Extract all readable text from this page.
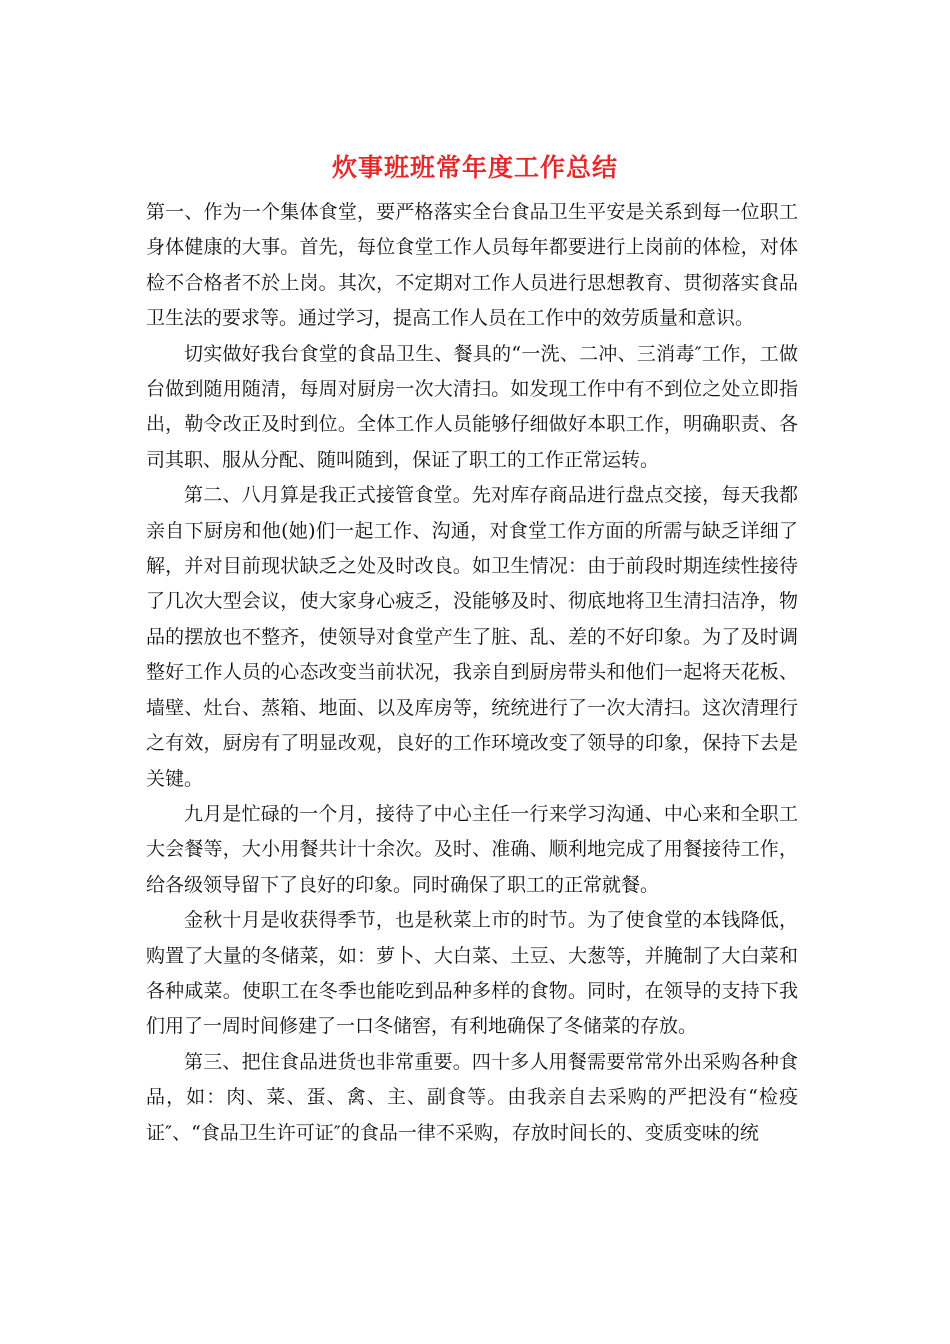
炊事班班常年度工作总结

第一、作为一个集体食堂，要严格落实全台食品卫生平安是关系到每一位职工身体健康的大事。首先，每位食堂工作人员每年都要进行上岗前的体检，对体检不合格者不於上岗。其次，不定期对工作人员进行思想教育、贯彻落实食品卫生法的要求等。通过学习，提高工作人员在工作中的效劳质量和意识。

切实做好我台食堂的食品卫生、餐具的“一洗、二冲、三消毒″工作，工做台做到随用随清，每周对厨房一次大清扫。如发现工作中有不到位之处立即指出，勒令改正及时到位。全体工作人员能够仔细做好本职工作，明确职责、各司其职、服从分配、随叫随到，保证了职工的工作正常运转。

第二、八月算是我正式接管食堂。先对库存商品进行盘点交接，每天我都亲自下厨房和他(她)们一起工作、沟通，对食堂工作方面的所需与缺乏详细了解，并对目前现状缺乏之处及时改良。如卫生情况：由于前段时期连续性接待了几次大型会议，使大家身心疲乏，没能够及时、彻底地将卫生清扫洁净，物品的摆放也不整齐，使领导对食堂产生了脏、乱、差的不好印象。为了及时调整好工作人员的心态改变当前状况，我亲自到厨房带头和他们一起将天花板、墙壁、灶台、蒸箱、地面、以及库房等，统统进行了一次大清扫。这次清理行之有效，厨房有了明显改观，良好的工作环境改变了领导的印象，保持下去是关键。

九月是忙碌的一个月，接待了中心主任一行来学习沟通、中心来和全职工大会餐等，大小用餐共计十余次。及时、准确、顺利地完成了用餐接待工作，给各级领导留下了良好的印象。同时确保了职工的正常就餐。

金秋十月是收获得季节，也是秋菜上市的时节。为了使食堂的本钱降低，购置了大量的冬储菜，如：萝卜、大白菜、土豆、大葱等，并腌制了大白菜和各种咸菜。使职工在冬季也能吃到品种多样的食物。同时，在领导的支持下我们用了一周时间修建了一口冬储窖，有利地确保了冬储菜的存放。

第三、把住食品进货也非常重要。四十多人用餐需要常常外出采购各种食品，如：肉、菜、蛋、禽、主、副食等。由我亲自去采购的严把没有“检疫证″、“食品卫生许可证″的食品一律不采购，存放时间长的、变质变味的统
